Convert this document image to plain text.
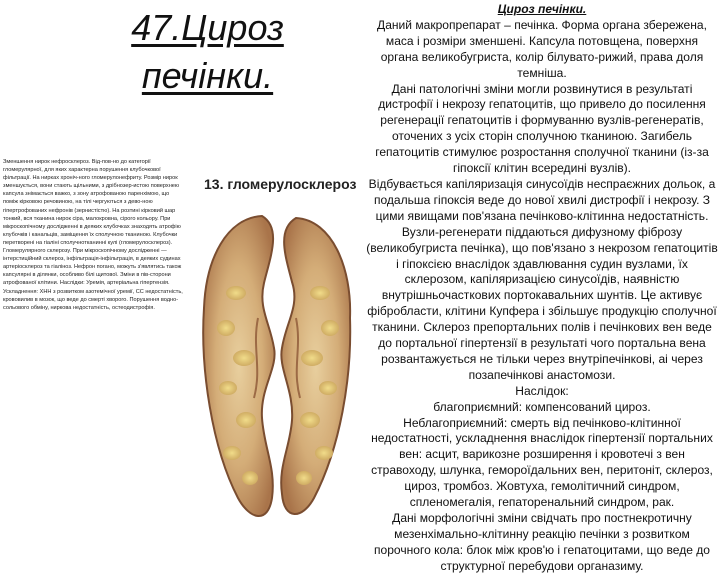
47.Цироз
печінки.
Зменшення нирок нефросклероз. Від-пов-но до категорії гломерулярної, для яких характерна порушення клубочкової фільтрації. На нирках хроніч-ного гломерулонефриту. Розмір нирок зменшується, вони стають щільними, з дрібнозер-истою поверхнею капсула знімається важко, з зону атрофованою паренхімою, що поміж кірковою речовиною, на тілі чергуються з дево-ною гіпертрофованих нефронів (зернистістю). На розтині кірковий шар тонкий, вся тканина нирок сіра, малокровна, сірого кольору. При мікроскопічному дослідженні в деяких клубочках знаходять атрофію клубочків і канальців, заміщення їх сполучною тканиною. Клубочки перетворені на гіаліні сполучнотканинні кулі (гломерулосклероз). Гломерулярного склерозу. При мікроскопічному дослідженні — інтерстиційний склероз, інфільтрація-інфільтрація, в деяких судинах артеріосклероз та гіаліноз. Нефрон погано, можуть з'являтись також капсулярні в ділянки, особливо білі щитової. Зміни в пів-сторони атрофованої клітини. Наслідки: Уремія, артеріальна гіпертензія. Ускладнення: ХНН з розвитком азотемічної уремії, СС недостатність, крововилив в мозок, що веде до смерті хворого. Порушення водно-сольового обміну, ниркова недостатність, остеодистрофія.
13. гломерулосклероз
Цироз печінки.
Даний макропрепарат – печінка. Форма органа збережена, маса і розміри зменшені. Капсула потовщена, поверхня органа великобугриста, колір білувато-рижий, права доля темніша.
Дані патологічні зміни могли розвинутися в результаті дистрофії і некрозу гепатоцитів, що привело до посилення регенерації гепатоцитів і формуванню вузлів-регенератів, оточених з усіх сторін сполучною тканиною. Загибель гепатоцитів стимулює розростання сполучної тканини (із-за гіпоксії клітин всередині вузлів).
Відбувається капіляризація синусоїдів неспраєжних дольок, а подальша гіпоксія веде до нової хвилі дистрофії і некрозу. З цими явищами пов'язана печінково-клітинна недостатність. Вузли-регенерати піддаються дифузному фіброзу (великобугриста печінка), що пов'язано з некрозом гепатоцитів і гіпоксією внаслідок здавлювання судин вузлами, їх склерозом, капіляризацією синусоїдів, наявністю внутрішньочасткових портокавальних шунтів. Це активує фібробласти, клітини Купфера і збільшує продукцію сполучної тканини. Склероз препортальних полів і печінкових вен веде до портальної гіпертензії в результаті чого портальна вена розвантажується не тільки через внутріпечінкові, аі через позапечінкові анастомози.
Наслідок:
благоприємний: компенсований цироз.
Неблагоприємний: смерть від печінково-клітинної недостатності, ускладнення внаслідок гіпертензії портальних вен: асцит, варикозне розширення і кровотечі з вен стравоходу, шлунка, гемороїдальних вен, перитоніт, склероз, цироз, тромбоз. Жовтуха, гемолітичний синдром, спленомегалія, гепаторенальний синдром, рак.
Дані морфологічні зміни свідчать про постнекротичну мезенхімально-клітинну реакцію печінки з розвитком порочного кола: блок між кров'ю і гепатоцитами, що веде до структурної перебудови органазиму.
